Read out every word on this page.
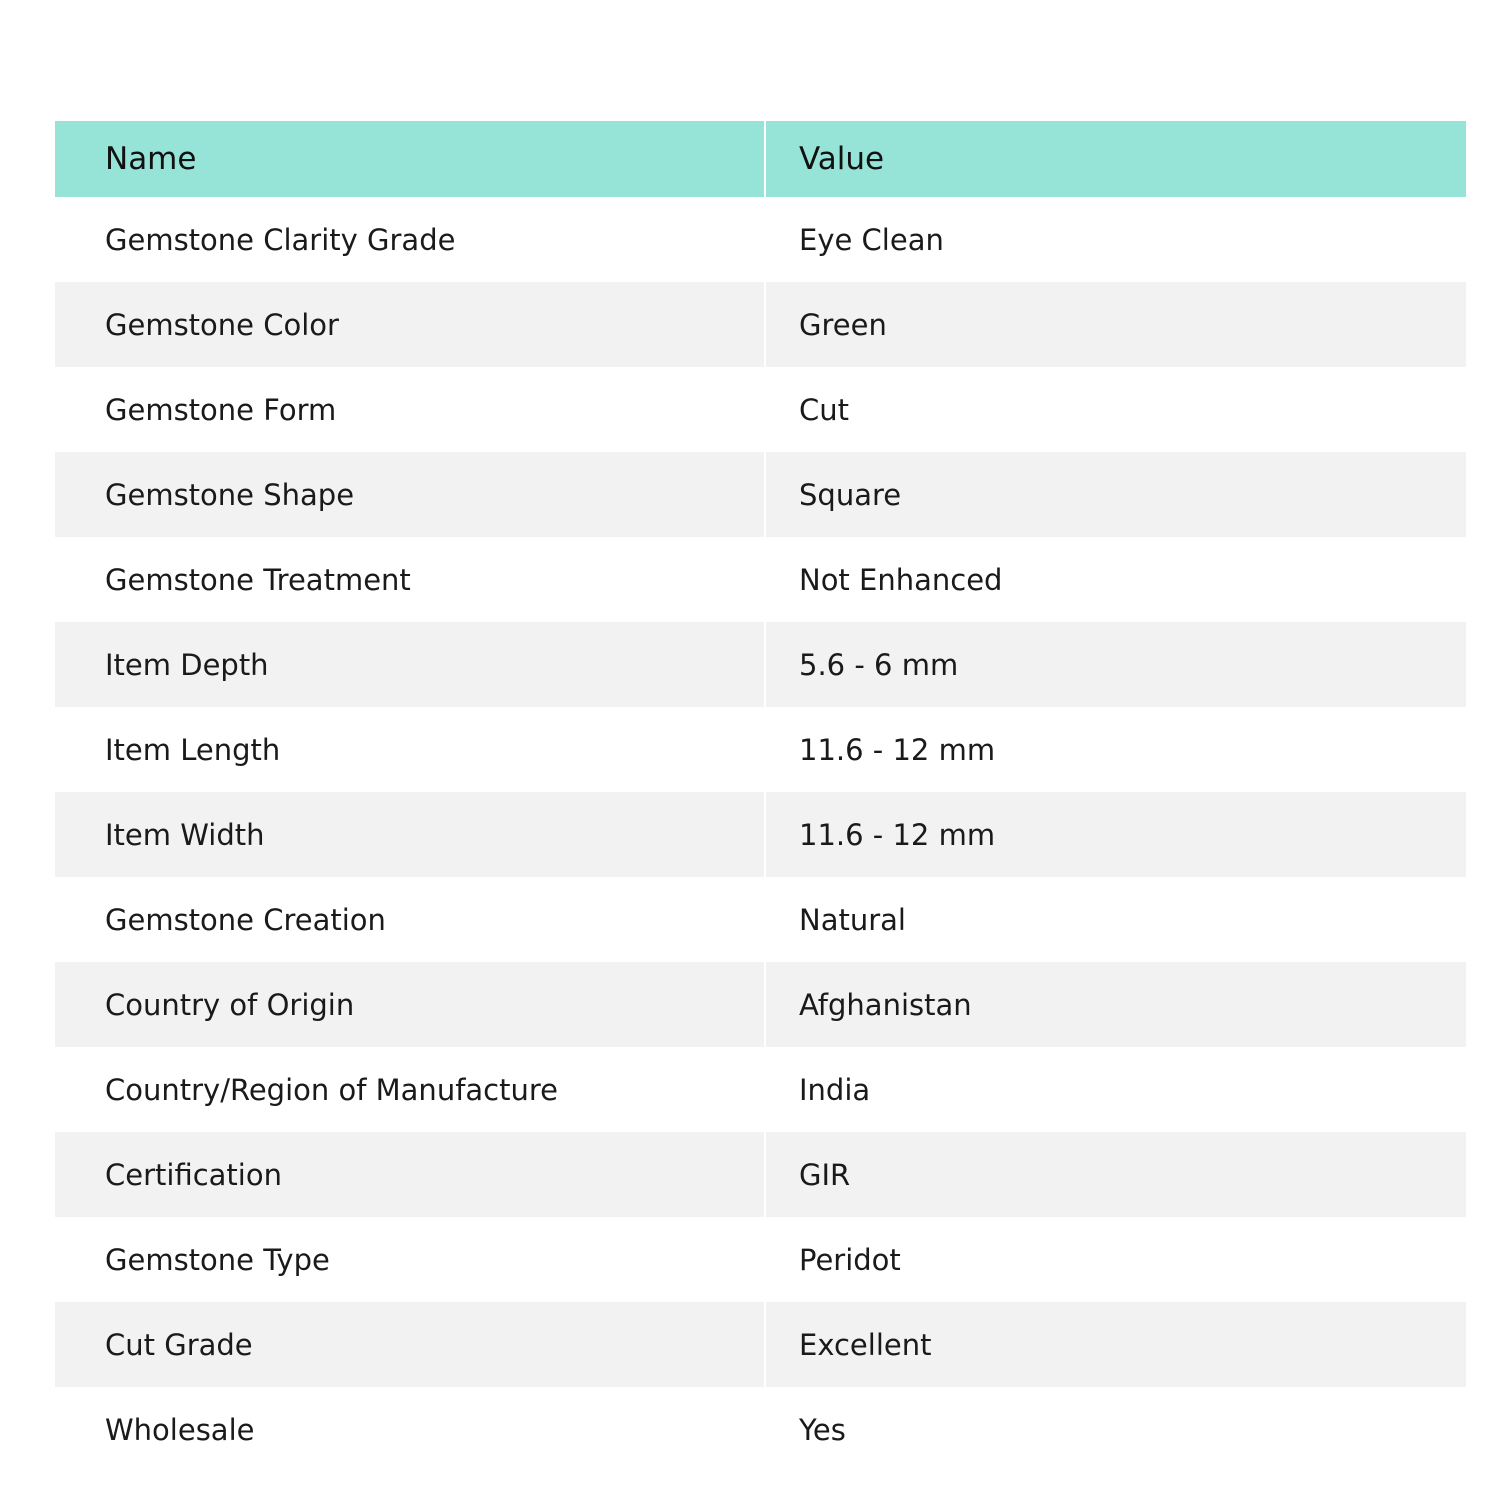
Name	Value
Gemstone Clarity Grade	Eye Clean
Gemstone Color	Green
Gemstone Form	Cut
Gemstone Shape	Square
Gemstone Treatment	Not Enhanced
Item Depth	5.6 - 6 mm
Item Length	11.6 - 12 mm
Item Width	11.6 - 12 mm
Gemstone Creation	Natural
Country of Origin	Afghanistan
Country/Region of Manufacture	India
Certification	GIR
Gemstone Type	Peridot
Cut Grade	Excellent
Wholesale	Yes
